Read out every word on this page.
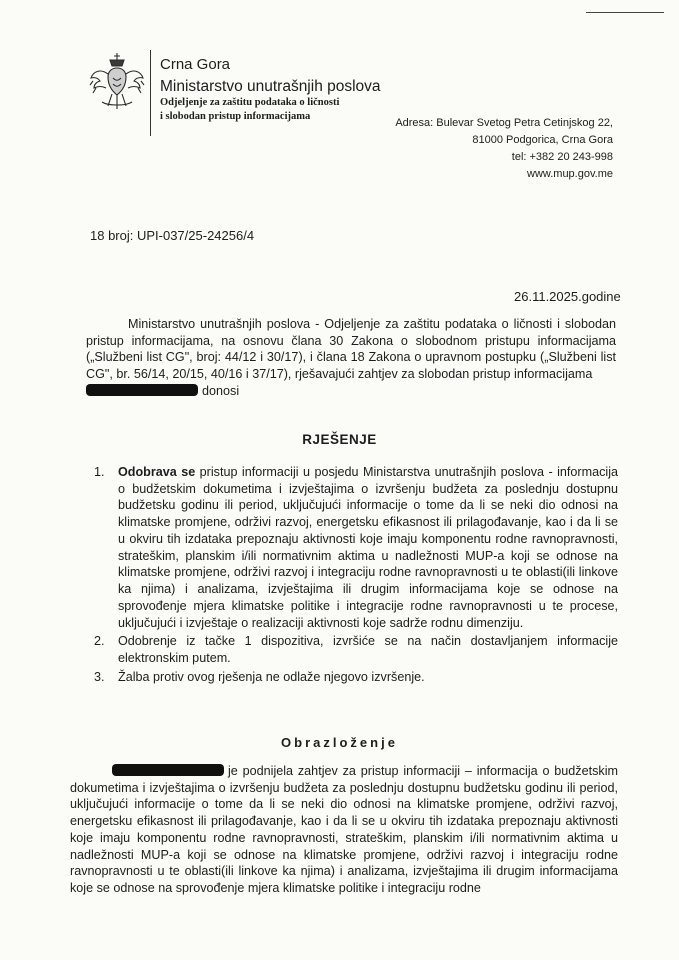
Crna Gora
Ministarstvo unutrašnjih poslova
Odjeljenje za zaštitu podataka o ličnosti
i slobodan pristup informacijama
Adresa: Bulevar Svetog Petra Cetinjskog 22,
81000 Podgorica, Crna Gora
tel: +382 20 243-998
www.mup.gov.me
18 broj: UPI-037/25-24256/4
26.11.2025.godine
Ministarstvo unutrašnjih poslova - Odjeljenje za zaštitu podataka o ličnosti i slobodan pristup informacijama, na osnovu člana 30 Zakona o slobodnom pristupu informacijama („Službeni list CG", broj: 44/12 i 30/17), i člana 18 Zakona o upravnom postupku („Službeni list CG", br. 56/14, 20/15, 40/16 i 37/17), rješavajući zahtjev za slobodan pristup informacijama
donosi
RJEŠENJE
1. Odobrava se pristup informaciji u posjedu Ministarstva unutrašnjih poslova - informacija o budžetskim dokumetima i izvještajima o izvršenju budžeta za poslednju dostupnu budžetsku godinu ili period, uključujući informacije o tome da li se neki dio odnosi na klimatske promjene, održivi razvoj, energetsku efikasnost ili prilagođavanje, kao i da li se u okviru tih izdataka prepoznaju aktivnosti koje imaju komponentu rodne ravnopravnosti, strateškim, planskim i/ili normativnim aktima u nadležnosti MUP-a koji se odnose na klimatske promjene, održivi razvoj i integraciju rodne ravnopravnosti u te oblasti(ili linkove ka njima) i analizama, izvještajima ili drugim informacijama koje se odnose na sprovođenje mjera klimatske politike i integracije rodne ravnopravnosti u te procese, uključujući i izvještaje o realizaciji aktivnosti koje sadrže rodnu dimenziju.
2. Odobrenje iz tačke 1 dispozitiva, izvršiće se na način dostavljanjem informacije elektronskim putem.
3. Žalba protiv ovog rješenja ne odlaže njegovo izvršenje.
Obrazloženje
je podnijela zahtjev za pristup informaciji – informacija o budžetskim dokumetima i izvještajima o izvršenju budžeta za poslednju dostupnu budžetsku godinu ili period, uključujući informacije o tome da li se neki dio odnosi na klimatske promjene, održivi razvoj, energetsku efikasnost ili prilagođavanje, kao i da li se u okviru tih izdataka prepoznaju aktivnosti koje imaju komponentu rodne ravnopravnosti, strateškim, planskim i/ili normativnim aktima u nadležnosti MUP-a koji se odnose na klimatske promjene, održivi razvoj i integraciju rodne ravnopravnosti u te oblasti(ili linkove ka njima) i analizama, izvještajima ili drugim informacijama koje se odnose na sprovođenje mjera klimatske politike i integraciju rodne
